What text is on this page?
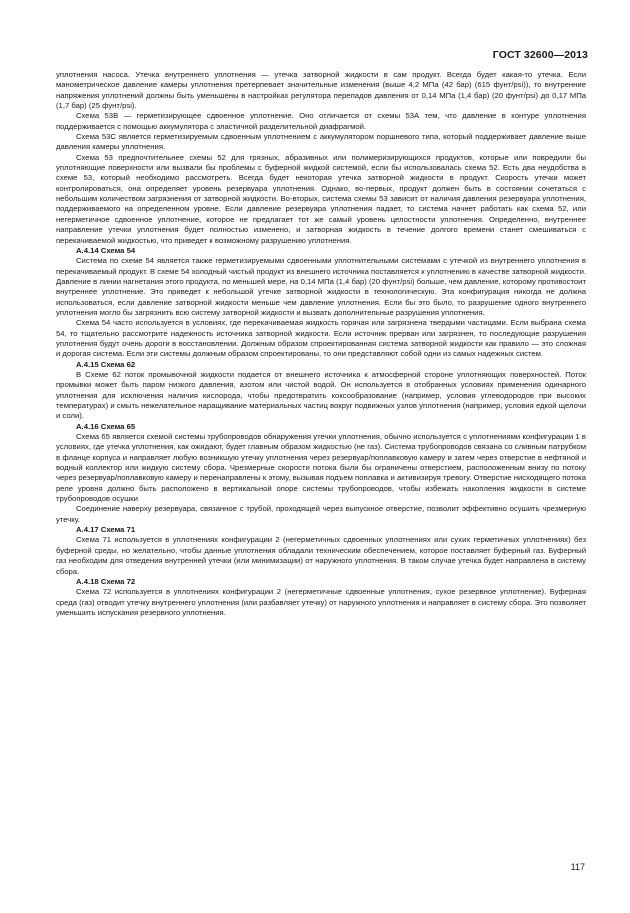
ГОСТ 32600—2013

уплотнения насоса. Утечка внутреннего уплотнения — утечка затворной жидкости в сам продукт. Всегда будет какая-то утечка. Если манометрическое давление камеры уплотнения претерпевает значительные изменения (выше 4,2 МПа (42 бар) (615 фунт/psi)), то внутренние напряжения уплотнений должны быть уменьшены в настройках регулятора перепадов давления от 0,14 МПа (1,4 бар) (20 фунт/psi) до 0,17 МПа (1,7 бар) (25 фунт/psi).

Схема 53В — герметизирующее сдвоенное уплотнение. Оно отличается от схемы 53А тем, что давление в контуре уплотнения поддерживается с помощью аккумулятора с эластичной разделительной диафрагмой.

Схема 53С является герметизируемым сдвоенным уплотнением с аккумулятором поршневого типа, который поддерживает давление выше давления камеры уплотнения.

Схема 53 предпочтительнее схемы 52 для грязных, абразивных или полимеризирующихся продуктов, которые или повредили бы уплотняющие поверхности или вызвали бы проблемы с буферной жидкой системой, если бы использовалась схема 52. Есть два неудобства в схеме 53, который необходимо рассмотреть. Всегда будет некоторая утечка затворной жидкости в продукт. Скорость утечки может контролироваться, она определяет уровень резервуара уплотнения. Однако, во-первых, продукт должен быть в состоянии сочетаться с небольшим количеством загрязнения от затворной жидкости. Во-вторых, система схемы 53 зависит от наличия давления резервуара уплотнения, поддерживаемого на определенном уровне. Если давление резервуара уплотнения падает, то система начнет работать как схема 52, или негерметичное сдвоенное уплотнение, которое не предлагает тот же самый уровень целостности уплотнения. Определенно, внутреннее направление утечки уплотнения будет полностью изменено, и затворная жидкость в течение долгого времени станет смешиваться с перекачиваемой жидкостью, что приведет к возможному разрушению уплотнения.

А.4.14 Схема 54

Система по схеме 54 является также герметизируемыми сдвоенными уплотнительными системами с утечкой из внутреннего уплотнения в перекачиваемый продукт. В схеме 54 холодный чистый продукт из внешнего источника поставляется к уплотнению в качестве затворной жидкости. Давление в линии нагнетания этого продукта, по меньшей мере, на 0,14 МПа (1,4 бар) (20 фунт/psi) больше, чем давление, которому противостоит внутреннее уплотнение. Это приведет к небольшой утечке затворной жидкости в технологическую. Эта конфигурация никогда не должна использоваться, если давление затворной жидкости меньше чем давление уплотнения. Если бы это было, то разрушение одного внутреннего уплотнения могло бы загрязнить всю систему затворной жидкости и вызвать дополнительные разрушения уплотнения.

Схема 54 часто используется в условиях, где перекачиваемая жидкость горячая или загрязнена твердыми частицами. Если выбрана схема 54, то тщательно рассмотрите надежность источника затворной жидкости. Если источник прерван или загрязнен, то последующие разрушения уплотнения будут очень дороги в восстановлении. Должным образом спроектированная система затворной жидкости как правило — это сложная и дорогая система. Если эти системы должным образом спроектированы, то они представляют собой одни из самых надежных систем.

А.4.15 Схема 62

В Схеме 62 поток промывочной жидкости подается от внешнего источника к атмосферной стороне уплотняющих поверхностей. Поток промывки может быть паром низкого давления, азотом или чистой водой. Он используется в отобранных условиях применения одинарного уплотнения для исключения наличия кислорода, чтобы предотвратить коксообразование (например, условия углеводородов при высоких температурах) и смыть нежелательное наращивание материальных частиц вокруг подвижных узлов уплотнения (например, условия едкой щелочи и соли).

А.4.16 Схема 65

Схема 65 является схемой системы трубопроводов обнаружения утечки уплотнения, обычно используется с уплотнениями конфигурации 1 в условиях, где утечка уплотнения, как ожидают, будет главным образом жидкостью (не газ). Система трубопроводов связана со сливным патрубком в фланце корпуса и направляет любую возникшую утечку уплотнения через резервуар/поплавковую камеру и затем через отверстие в нефтяной и водный коллектор или жидкую систему сбора. Чрезмерные скорости потока были бы ограничены отверстием, расположенным внизу по потоку через резервуар/поплавковую камеру и перенаправлены к этому, вызывая подъем поплавка и активизируя тревогу. Отверстие нисходящего потока реле уровня должно быть расположено в вертикальной опоре системы трубопроводов, чтобы избежать накопления жидкости в системе трубопроводов осушки

Соединение наверху резервуара, связанное с трубой, проходящей через выпускное отверстие, позволит эффективно осушить чрезмерную утечку.

А.4.17 Схема 71

Схема 71 используется в уплотнениях конфигурации 2 (негерметичных сдвоенных уплотнениях или сухих герметичных уплотнениях) без буферной среды, но желательно, чтобы данные уплотнения обладали техническим обеспечением, которое поставляет буферный газ. Буферный газ необходим для отведения внутренней утечки (или минимизации) от наружного уплотнения. В таком случае утечка будет направлена в систему сбора.

А.4.18 Схема 72

Схема 72 используется в уплотнениях конфигурации 2 (негерметичные сдвоенные уплотнения, сухое резервное уплотнение). Буферная среда (газ) отводит утечку внутреннего уплотнения (или разбавляет утечку) от наружного уплотнения и направляет в систему сбора. Это позволяет уменьшить испускания резервного уплотнения.

117
